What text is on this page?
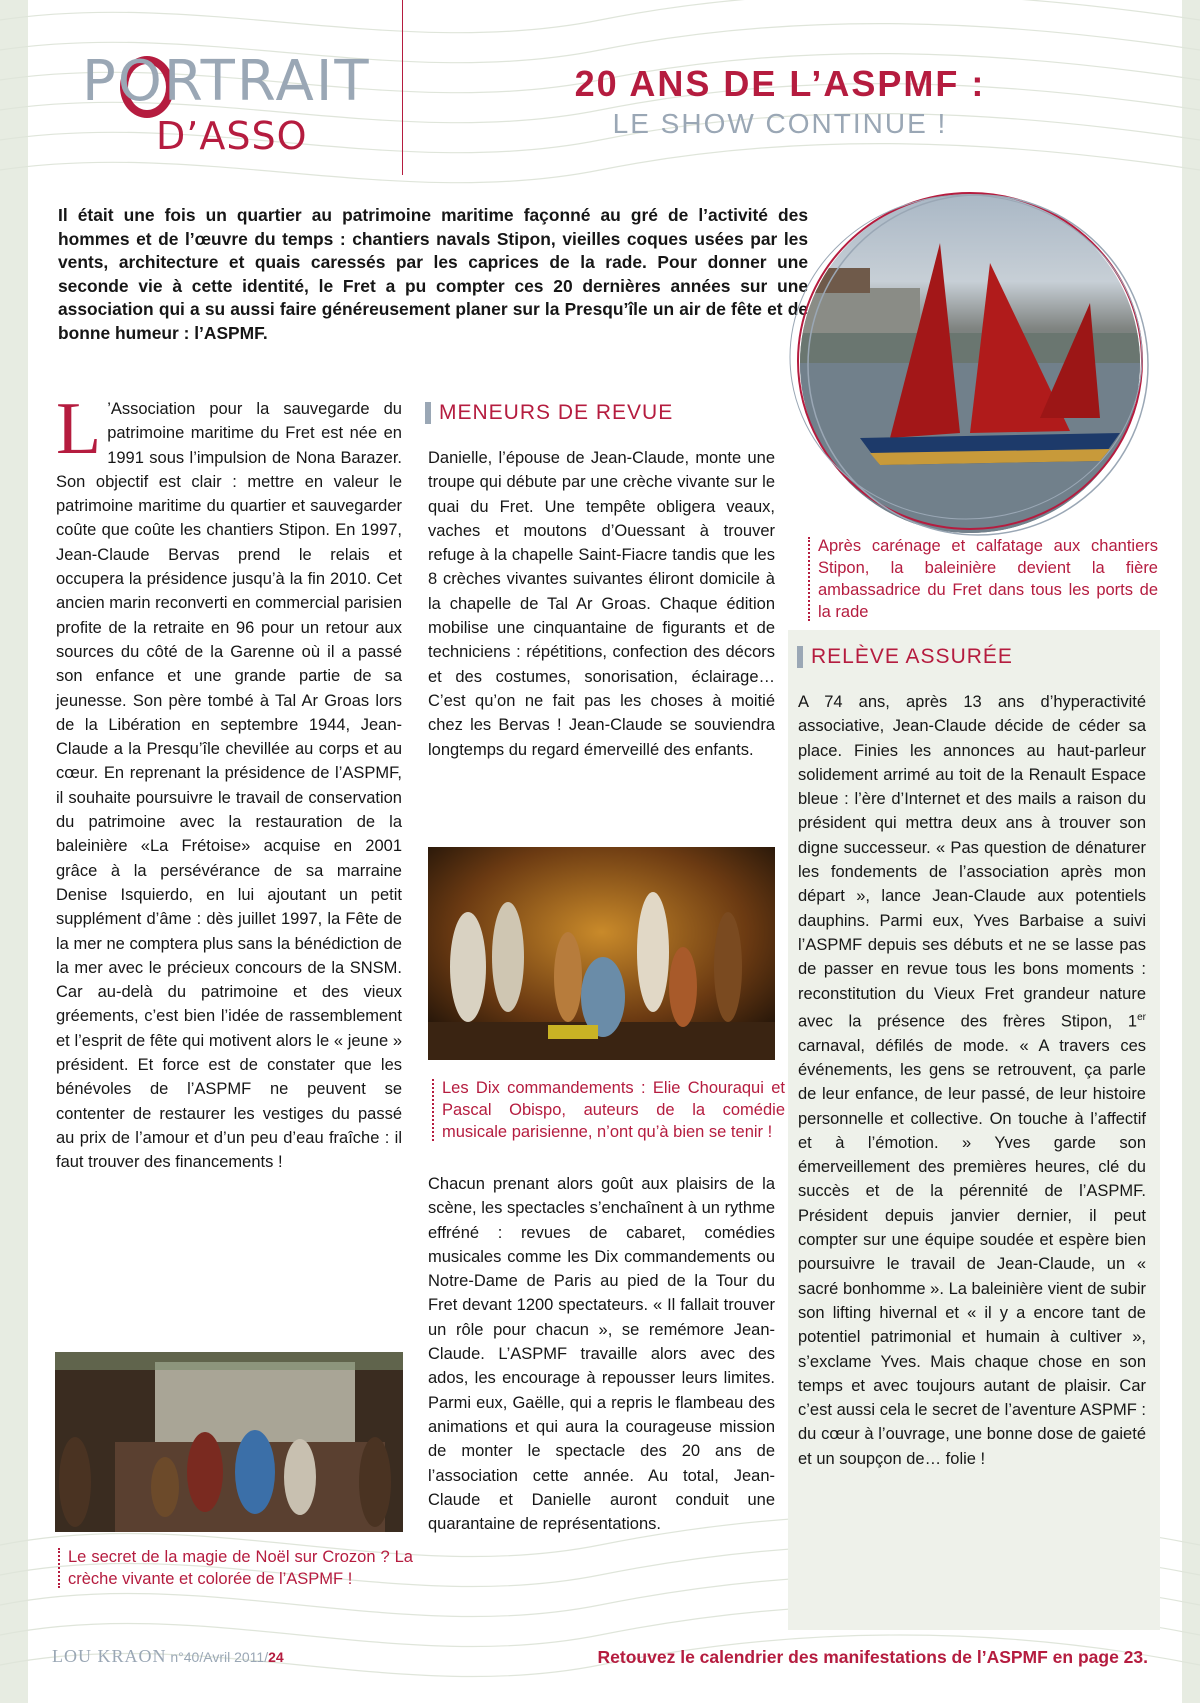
PORTRAIT
D’ASSO
20 ANS DE L’ASPMF :
LE SHOW CONTINUE !
Il était une fois un quartier au patrimoine maritime façonné au gré de l’activité des hommes et de l’œuvre du temps : chantiers navals Stipon, vieilles coques usées par les vents, architecture et quais caressés par les caprices de la rade. Pour donner une seconde vie à cette identité, le Fret a pu compter ces 20 dernières années sur une association qui a su aussi faire généreusement planer sur la Presqu’île un air de fête et de bonne humeur : l’ASPMF.
Après carénage et calfatage aux chantiers Stipon, la baleinière devient la fière ambassadrice du Fret dans tous les ports de la rade
L ’Association pour la sauvegarde du patrimoine maritime du Fret est née en 1991 sous l’impulsion de Nona Barazer. Son objectif est clair : mettre en valeur le patrimoine maritime du quartier et sauvegarder coûte que coûte les chantiers Stipon. En 1997, Jean-Claude Bervas prend le relais et occupera la présidence jusqu’à la fin 2010. Cet ancien marin reconverti en commercial parisien profite de la retraite en 96 pour un retour aux sources du côté de la Garenne où il a passé son enfance et une grande partie de sa jeunesse. Son père tombé à Tal Ar Groas lors de la Libération en septembre 1944, Jean-Claude a la Presqu’île chevillée au corps et au cœur. En reprenant la présidence de l’ASPMF, il souhaite poursuivre le travail de conservation du patrimoine avec la restauration de la baleinière «La Frétoise» acquise en 2001 grâce à la persévérance de sa marraine Denise Isquierdo, en lui ajoutant un petit supplément d’âme : dès juillet 1997, la Fête de la mer ne comptera plus sans la bénédiction de la mer avec le précieux concours de la SNSM. Car au-delà du patrimoine et des vieux gréements, c’est bien l’idée de rassemblement et l’esprit de fête qui motivent alors le « jeune » président. Et force est de constater que les bénévoles de l’ASPMF ne peuvent se contenter de restaurer les vestiges du passé au prix de l’amour et d’un peu d’eau fraîche : il faut trouver des financements !
MENEURS DE REVUE
Danielle, l’épouse de Jean-Claude, monte une troupe qui débute par une crèche vivante sur le quai du Fret. Une tempête obligera veaux, vaches et moutons d’Ouessant à trouver refuge à la chapelle Saint-Fiacre tandis que les 8 crèches vivantes suivantes éliront domicile à la chapelle de Tal Ar Groas. Chaque édition mobilise une cinquantaine de figurants et de techniciens : répétitions, confection des décors et des costumes, sonorisation, éclairage… C’est qu’on ne fait pas les choses à moitié chez les Bervas ! Jean-Claude se souviendra longtemps du regard émerveillé des enfants.
Les Dix commandements : Elie Chouraqui et Pascal Obispo, auteurs de la comédie musicale parisienne, n’ont qu’à bien se tenir !
Chacun prenant alors goût aux plaisirs de la scène, les spectacles s’enchaînent à un rythme effréné : revues de cabaret, comédies musicales comme les Dix commandements ou Notre-Dame de Paris au pied de la Tour du Fret devant 1200 spectateurs. « Il fallait trouver un rôle pour chacun », se remémore Jean-Claude. L’ASPMF travaille alors avec des ados, les encourage à repousser leurs limites. Parmi eux, Gaëlle, qui a repris le flambeau des animations et qui aura la courageuse mission de monter le spectacle des 20 ans de l’association cette année. Au total, Jean-Claude et Danielle auront conduit une quarantaine de représentations.
RELÈVE ASSURÉE
A 74 ans, après 13 ans d’hyperactivité associative, Jean-Claude décide de céder sa place. Finies les annonces au haut-parleur solidement arrimé au toit de la Renault Espace bleue : l’ère d’Internet et des mails a raison du président qui mettra deux ans à trouver son digne successeur. « Pas question de dénaturer les fondements de l’association après mon départ », lance Jean-Claude aux potentiels dauphins. Parmi eux, Yves Barbaise a suivi l’ASPMF depuis ses débuts et ne se lasse pas de passer en revue tous les bons moments : reconstitution du Vieux Fret grandeur nature avec la présence des frères Stipon, 1er carnaval, défilés de mode. « A travers ces événements, les gens se retrouvent, ça parle de leur enfance, de leur passé, de leur histoire personnelle et collective. On touche à l’affectif et à l’émotion. » Yves garde son émerveillement des premières heures, clé du succès et de la pérennité de l’ASPMF. Président depuis janvier dernier, il peut compter sur une équipe soudée et espère bien poursuivre le travail de Jean-Claude, un « sacré bonhomme ». La baleinière vient de subir son lifting hivernal et « il y a encore tant de potentiel patrimonial et humain à cultiver », s’exclame Yves. Mais chaque chose en son temps et avec toujours autant de plaisir. Car c’est aussi cela le secret de l’aventure ASPMF : du cœur à l’ouvrage, une bonne dose de gaieté et un soupçon de… folie !
Le secret de la magie de Noël sur Crozon ? La crèche vivante et colorée de l’ASPMF !
LOU KRAON n°40/Avril 2011/24	Retouvez le calendrier des manifestations de l’ASPMF en page 23.
